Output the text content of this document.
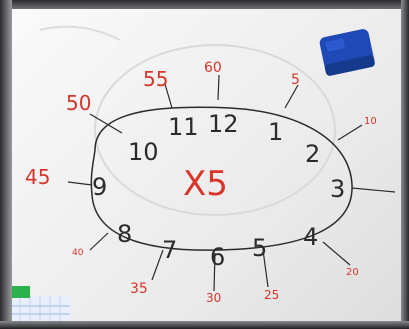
12 1
2
3
4
5
6
7
8
9
10
11
X5
60
5
10
20
25
30
35
40
45
50
55
